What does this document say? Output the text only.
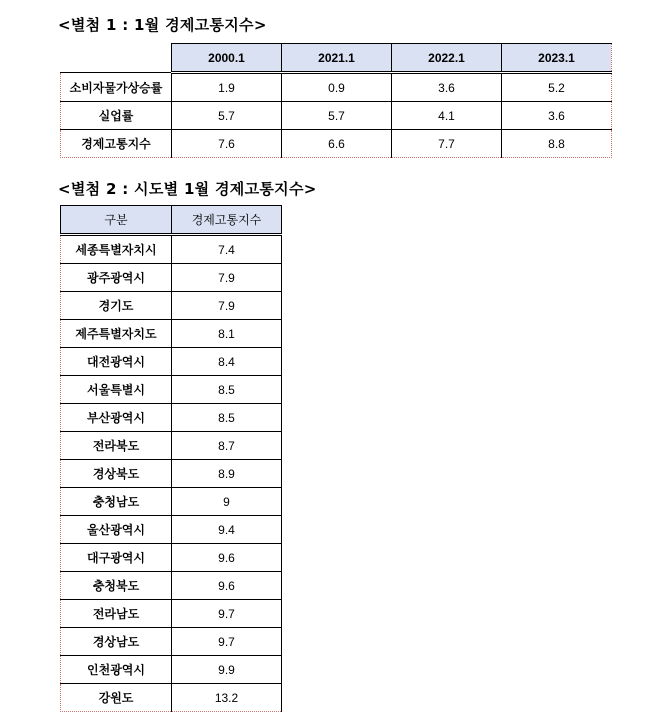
<별첨 1 : 1월 경제고통지수>
	2000.1	2021.1	2022.1	2023.1
소비자물가상승률	1.9	0.9	3.6	5.2
실업률	5.7	5.7	4.1	3.6
경제고통지수	7.6	6.6	7.7	8.8
<별첨 2 : 시도별 1월 경제고통지수>
구분	경제고통지수
세종특별자치시	7.4
광주광역시	7.9
경기도	7.9
제주특별자치도	8.1
대전광역시	8.4
서울특별시	8.5
부산광역시	8.5
전라북도	8.7
경상북도	8.9
충청남도	9
울산광역시	9.4
대구광역시	9.6
충청북도	9.6
전라남도	9.7
경상남도	9.7
인천광역시	9.9
강원도	13.2
